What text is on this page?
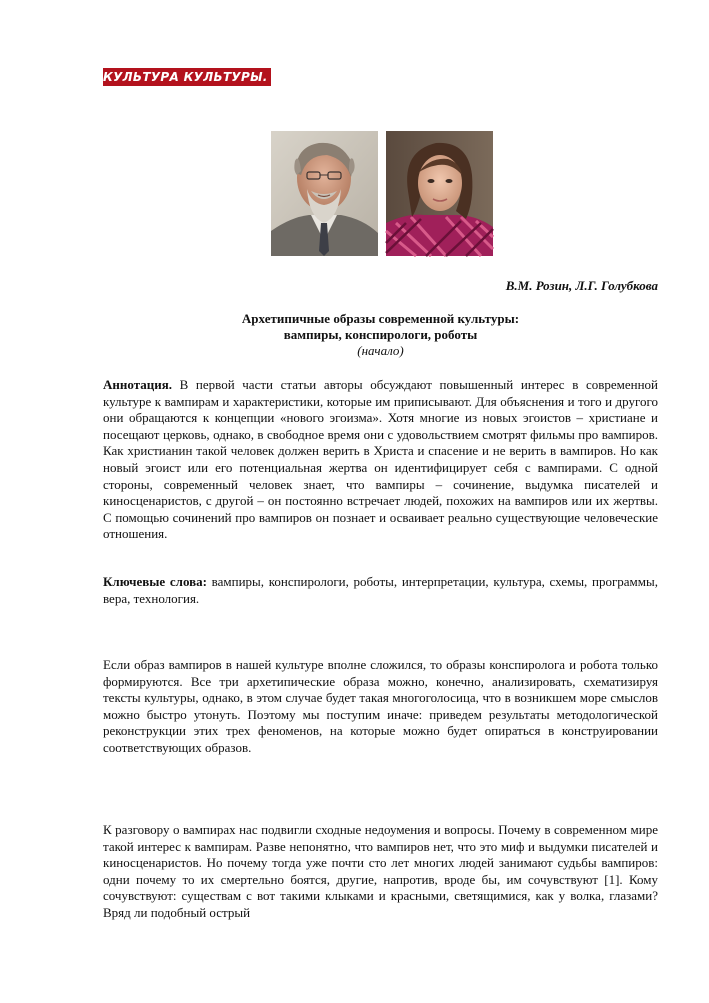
КУЛЬТУРА КУЛЬТУРЫ. 2017
В.М. Розин, Л.Г. Голубкова
Архетипичные образы современной культуры:
вампиры, конспирологи, роботы
(начало)

Аннотация. В первой части статьи авторы обсуждают повышенный интерес в современной культуре к вампирам и характеристики, которые им приписывают. Для объяснения и того и другого они обращаются к концепции «нового эгоизма». Хотя многие из новых эгоистов – христиане и посещают церковь, однако, в свободное время они с удовольствием смотрят фильмы про вампиров. Как христианин такой человек должен верить в Христа и спасение и не верить в вампиров. Но как новый эгоист или его потенциальная жертва он идентифицирует себя с вампирами. С одной стороны, современный человек знает, что вампиры – сочинение, выдумка писателей и киносценаристов, с другой – он постоянно встречает людей, похожих на вампиров или их жертвы. С помощью сочинений про вампиров он познает и осваивает реально существующие человеческие отношения.

Ключевые слова: вампиры, конспирологи, роботы, интерпретации, культура, схемы, программы, вера, технология.

Если образ вампиров в нашей культуре вполне сложился, то образы конспиролога и робота только формируются. Все три архетипические образа можно, конечно, анализировать, схематизируя тексты культуры, однако, в этом случае будет такая многоголосица, что в возникшем море смыслов можно быстро утонуть. Поэтому мы поступим иначе: приведем результаты методологической реконструкции этих трех феноменов, на которые можно будет опираться в конструировании соответствующих образов.

К разговору о вампирах нас подвигли сходные недоумения и вопросы. Почему в современном мире такой интерес к вампирам. Разве непонятно, что вампиров нет, что это миф и выдумки писателей и киносценаристов. Но почему тогда уже почти сто лет многих людей занимают судьбы вампиров: одни почему то их смертельно боятся, другие, напротив, вроде бы, им сочувствуют [1]. Кому сочувствуют: существам с вот такими клыками и красными, светящимися, как у волка, глазами? Вряд ли подобный острый
